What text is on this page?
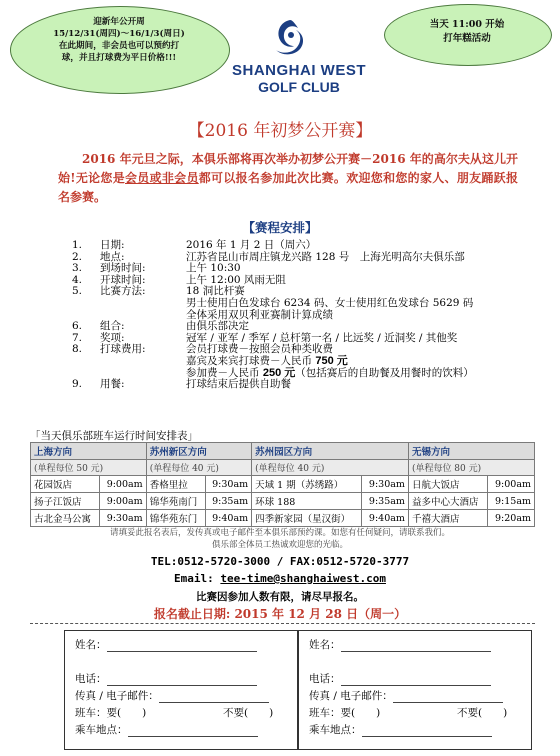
迎新年公开周
15/12/31(周四)～16/1/3(周日)
在此期间，非会员也可以预约打
球，并且打球费为平日价格!!!
当天 11:00 开始
打年糕活动
SHANGHAI WEST
GOLF CLUB
【2016 年初梦公开赛】
2016 年元旦之际，本俱乐部将再次举办初梦公开赛－2016 年的高尔夫从这儿开始!无论您是会员或非会员都可以报名参加此次比赛。欢迎您和您的家人、朋友踊跃报名参赛。
【赛程安排】
1.	日期:	2016 年 1 月 2 日（周六）
2.	地点:	江苏省昆山市周庄镇龙兴路 128 号　上海光明高尔夫俱乐部
3.	到场时间:	上午 10:30
4.	开球时间:	上午 12:00 风雨无阻
5.	比赛方法:	18 洞比杆赛
男士使用白色发球台 6234 码、女士使用红色发球台 5629 码
全体采用双贝利亚赛制计算成绩
6.	组合:	由俱乐部决定
7.	奖项:	冠军 / 亚军 / 季军 / 总杆第一名 / 比远奖 / 近洞奖 / 其他奖
8.	打球费用:	会员打球费－按照会员种类收费
嘉宾及来宾打球费－人民币 750 元
参加费－人民币 250 元（包括赛后的自助餐及用餐时的饮料）
9.	用餐:	打球结束后提供自助餐
「当天俱乐部班车运行时间安排表」
上海方向		苏州新区方向		苏州园区方向		无锡方向	
(单程每位 50 元)		(单程每位 40 元)		(单程每位 40 元)		(单程每位 80 元)	
花园饭店	9:00am	香格里拉	9:30am	天域 1 期（苏绣路）	9:30am	日航大饭店	9:00am
扬子江饭店	9:00am	锦华苑南门	9:35am	环球 188	9:35am	益多中心大酒店	9:15am
古北金马公寓	9:30am	锦华苑东门	9:40am	四季新家园（星汉街）	9:40am	千禧大酒店	9:20am
请填妥此报名表后，发传真或电子邮件至本俱乐部预约课。如您有任何疑问，请联系我们。
俱乐部全体员工热诚欢迎您的光临。
TEL:0512-5720-3000 / FAX:0512-5720-3777
Email: tee-time@shanghaiwest.com
比赛因参加人数有限，请尽早报名。
报名截止日期: 2015 年 12 月 28 日（周一）
姓名：
电话：
传真 / 电子邮件：
班车：要(　　)	不要(　　)
乘车地点：
姓名：
电话：
传真 / 电子邮件：
班车：要(　　)	不要(　　)
乘车地点：
